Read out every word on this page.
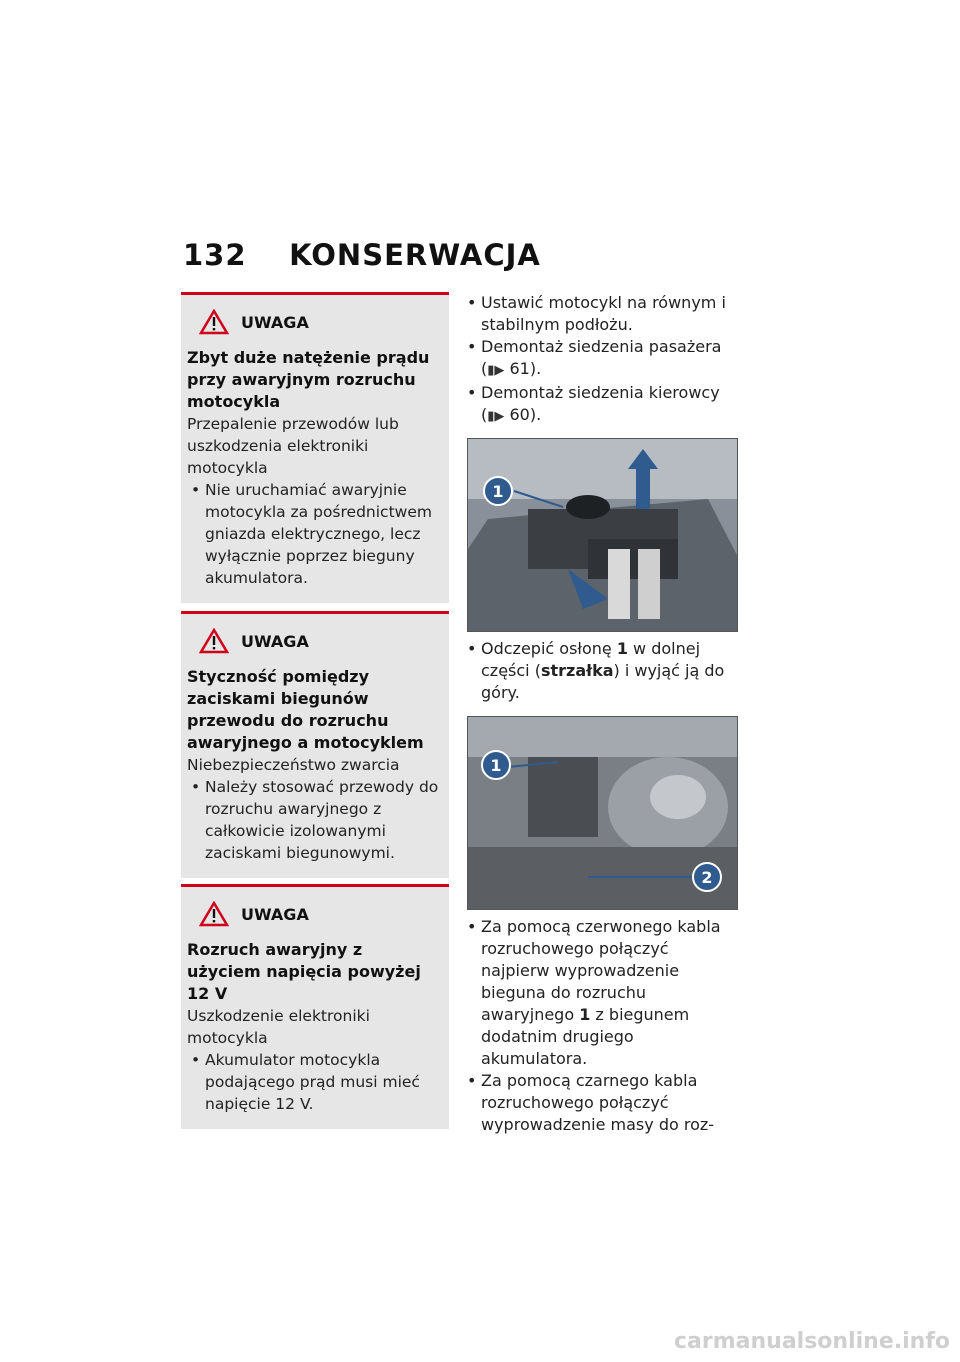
132 KONSERWACJA
UWAGA
Zbyt duże natężenie prądu przy awaryjnym rozruchu motocykla
Przepalenie przewodów lub uszkodzenia elektroniki motocykla
• Nie uruchamiać awaryjnie motocykla za pośrednictwem gniazda elektrycznego, lecz wyłącznie poprzez bieguny akumulatora.
UWAGA
Styczność pomiędzy zaciskami biegunów przewodu do rozruchu awaryjnego a motocyklem
Niebezpieczeństwo zwarcia
• Należy stosować przewody do rozruchu awaryjnego z całkowicie izolowanymi zaciskami biegunowymi.
UWAGA
Rozruch awaryjny z użyciem napięcia powyżej 12 V
Uszkodzenie elektroniki motocykla
• Akumulator motocykla podającego prąd musi mieć napięcie 12 V.
• Ustawić motocykl na równym i stabilnym podłożu.
• Demontaż siedzenia pasażera
(▮▶ 61).
• Demontaż siedzenia kierowcy
(▮▶ 60).
1
• Odczepić osłonę 1 w dolnej części (strzałka) i wyjąć ją do góry.
1
2
• Za pomocą czerwonego kabla rozruchowego połączyć najpierw wyprowadzenie bieguna do rozruchu awaryjnego 1 z biegunem dodatnim drugiego akumulatora.
• Za pomocą czarnego kabla rozruchowego połączyć wyprowadzenie masy do roz-
carmanualsonline.info
